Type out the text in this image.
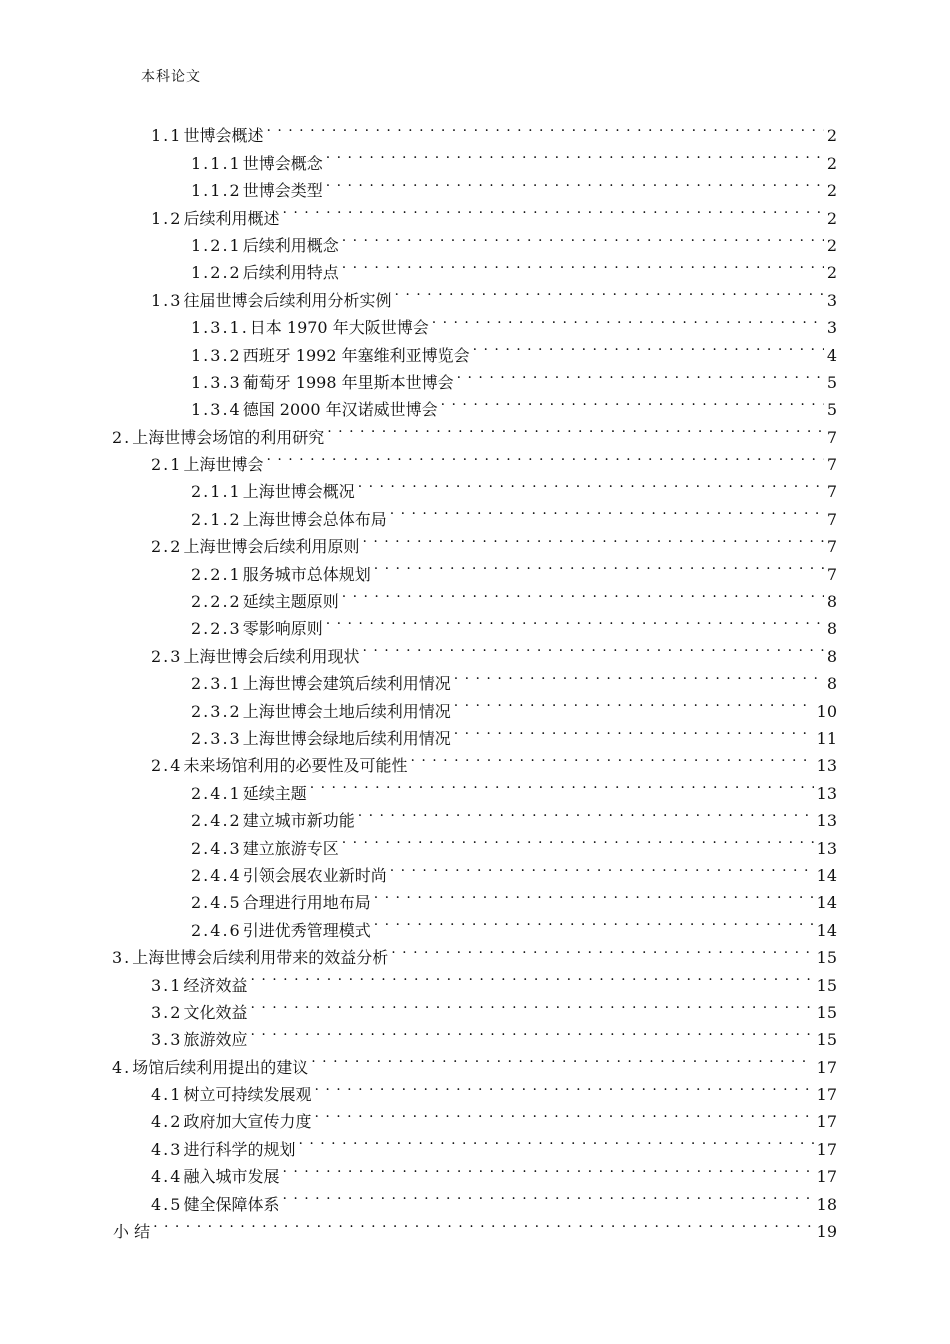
本科论文
1.1 世博会概述 . . .	2
1.1.1 世博会概念 . . .	2
1.1.2 世博会类型 . . .	2
1.2 后续利用概述 . . .	2
1.2.1 后续利用概念 . . .	2
1.2.2 后续利用特点 . . .	2
1.3 往届世博会后续利用分析实例 . . .	3
1.3.1. 日本 1970 年大阪世博会 . . .	3
1.3.2 西班牙 1992 年塞维利亚博览会 . . .	4
1.3.3 葡萄牙 1998 年里斯本世博会 . . .	5
1.3.4 德国 2000 年汉诺威世博会 . . .	5
2. 上海世博会场馆的利用研究 . . .	7
2.1 上海世博会 . . .	7
2.1.1 上海世博会概况 . . .	7
2.1.2 上海世博会总体布局 . . .	7
2.2 上海世博会后续利用原则 . . .	7
2.2.1 服务城市总体规划 . . .	7
2.2.2 延续主题原则 . . .	8
2.2.3 零影响原则 . . .	8
2.3 上海世博会后续利用现状 . . .	8
2.3.1 上海世博会建筑后续利用情况 . . .	8
2.3.2 上海世博会土地后续利用情况 . . .	10
2.3.3 上海世博会绿地后续利用情况 . . .	11
2.4 未来场馆利用的必要性及可能性 . . .	13
2.4.1 延续主题 . . .	13
2.4.2 建立城市新功能 . . .	13
2.4.3 建立旅游专区 . . .	13
2.4.4 引领会展农业新时尚 . . .	14
2.4.5 合理进行用地布局 . . .	14
2.4.6 引进优秀管理模式 . . .	14
3. 上海世博会后续利用带来的效益分析 . . .	15
3.1 经济效益 . . .	15
3.2 文化效益 . . .	15
3.3 旅游效应 . . .	15
4. 场馆后续利用提出的建议 . . .	17
4.1 树立可持续发展观 . . .	17
4.2 政府加大宣传力度 . . .	17
4.3 进行科学的规划 . . .	17
4.4 融入城市发展 . . .	17
4.5 健全保障体系 . . .	18
小 结 . . .	19
